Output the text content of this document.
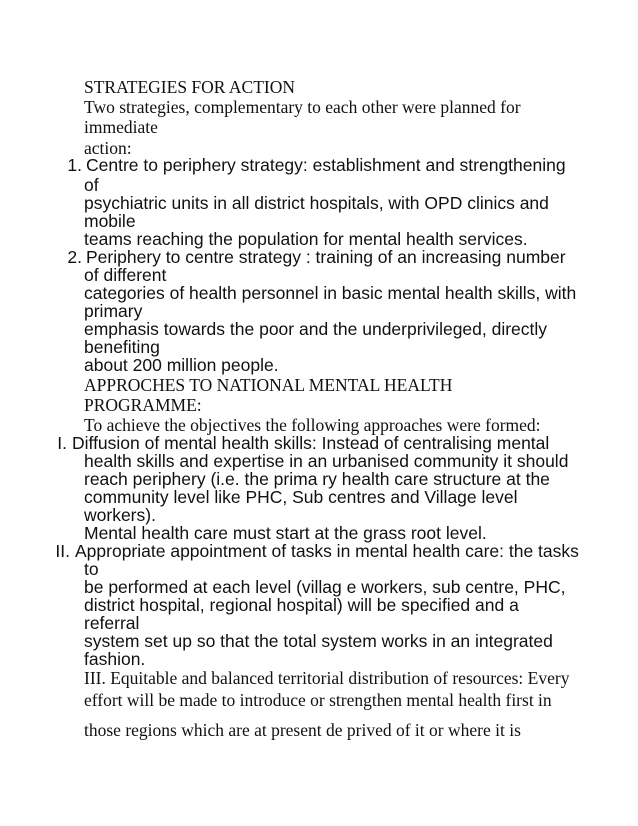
STRATEGIES FOR ACTION

Two strategies, complementary to each other were planned for

immediate

action:

1. Centre to periphery strategy: establishment and strengthening

of

psychiatric units in all district hospitals, with OPD clinics and

mobile

teams reaching the population for mental health services.

2. Periphery to centre strategy : training of an increasing number

of different

categories of health personnel in basic mental health skills, with

primary

emphasis towards the poor and the underprivileged, directly

benefiting

about 200 million people.

APPROCHES TO NATIONAL MENTAL HEALTH

PROGRAMME:

To achieve the objectives the following approaches were formed:

I. Diffusion of mental health skills: Instead of centralising mental

health skills and expertise in an urbanised community it should

reach periphery (i.e. the prima ry health care structure at the

community level like PHC, Sub centres and Village level

workers).

Mental health care must start at the grass root level.

II. Appropriate appointment of tasks in mental health care: the tasks

to

be performed at each level (villag e workers, sub centre, PHC,

district hospital, regional hospital) will be specified and a

referral

system set up so that the total system works in an integrated

fashion.

III. Equitable and balanced territorial distribution of resources: Every

effort will be made to introduce or strengthen mental health first in

those regions which are at present de prived of it or where it is
